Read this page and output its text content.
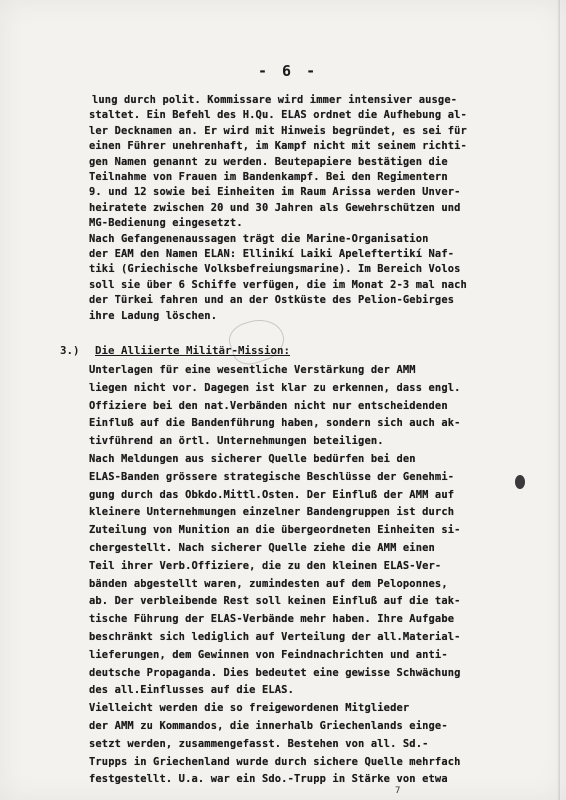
- 6 -
lung durch polit. Kommissare wird immer intensiver ausge-
staltet. Ein Befehl des H.Qu. ELAS ordnet die Aufhebung al-
ler Decknamen an. Er wird mit Hinweis begründet, es sei für
einen Führer unehrenhaft, im Kampf nicht mit seinem richti-
gen Namen genannt zu werden. Beutepapiere bestätigen die
Teilnahme von Frauen im Bandenkampf. Bei den Regimentern
9. und 12 sowie bei Einheiten im Raum Arissa werden Unver-
heiratete zwischen 20 und 30 Jahren als Gewehrschützen und
MG-Bedienung eingesetzt.
Nach Gefangenenaussagen trägt die Marine-Organisation
der EAM den Namen ELAN: Ellinikí Laiki Apeleftertikí Naf-
tiki (Griechische Volksbefreiungsmarine). Im Bereich Volos
soll sie über 6 Schiffe verfügen, die im Monat 2-3 mal nach
der Türkei fahren und an der Ostküste des Pelion-Gebirges
ihre Ladung löschen.
3.) Die Alliierte Militär-Mission:
Unterlagen für eine wesentliche Verstärkung der AMM
liegen nicht vor. Dagegen ist klar zu erkennen, dass engl.
Offiziere bei den nat.Verbänden nicht nur entscheidenden
Einfluß auf die Bandenführung haben, sondern sich auch ak-
tivführend an örtl. Unternehmungen beteiligen.
Nach Meldungen aus sicherer Quelle bedürfen bei den
ELAS-Banden grössere strategische Beschlüsse der Genehmi-
gung durch das Obkdo.Mittl.Osten. Der Einfluß der AMM auf
kleinere Unternehmungen einzelner Bandengruppen ist durch
Zuteilung von Munition an die übergeordneten Einheiten si-
chergestellt. Nach sicherer Quelle ziehe die AMM einen
Teil ihrer Verb.Offiziere, die zu den kleinen ELAS-Ver-
bänden abgestellt waren, zumindesten auf dem Peloponnes,
ab. Der verbleibende Rest soll keinen Einfluß auf die tak-
tische Führung der ELAS-Verbände mehr haben. Ihre Aufgabe
beschränkt sich lediglich auf Verteilung der all.Material-
lieferungen, dem Gewinnen von Feindnachrichten und anti-
deutsche Propaganda. Dies bedeutet eine gewisse Schwächung
des all.Einflusses auf die ELAS.
Vielleicht werden die so freigewordenen Mitglieder
der AMM zu Kommandos, die innerhalb Griechenlands einge-
setzt werden, zusammengefasst. Bestehen von all. Sd.-
Trupps in Griechenland wurde durch sichere Quelle mehrfach
festgestellt. U.a. war ein Sdo.-Trupp in Stärke von etwa
7
